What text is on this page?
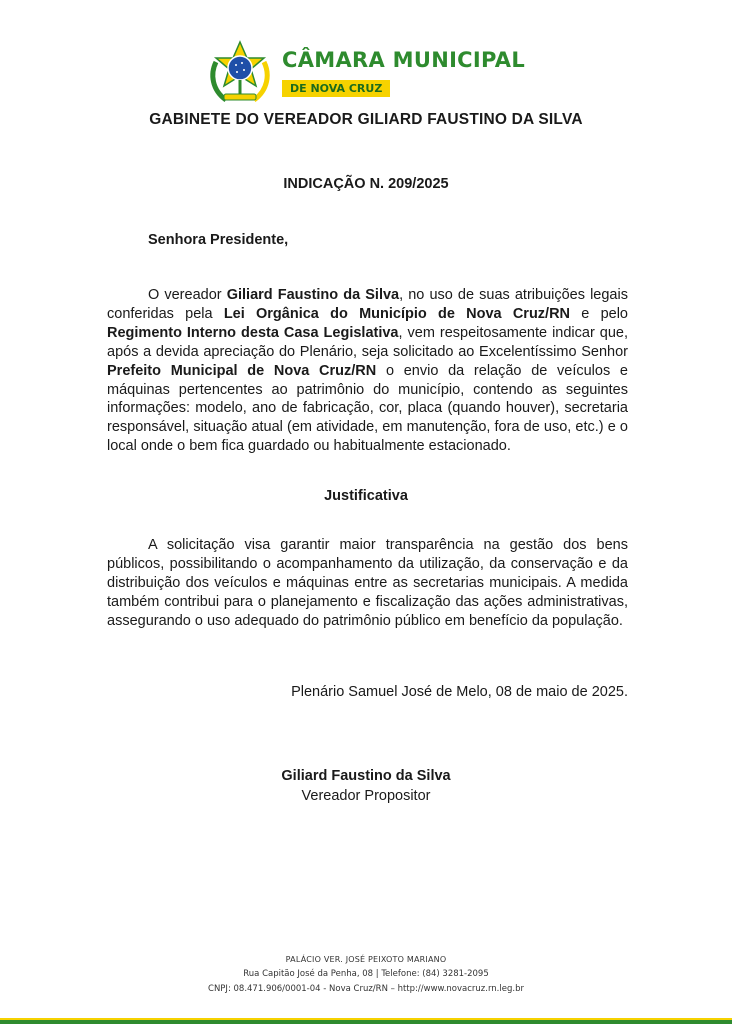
CÂMARA MUNICIPAL
DE NOVA CRUZ
GABINETE DO VEREADOR GILIARD FAUSTINO DA SILVA
INDICAÇÃO N. 209/2025
Senhora Presidente,

O vereador Giliard Faustino da Silva, no uso de suas atribuições legais conferidas pela Lei Orgânica do Município de Nova Cruz/RN e pelo Regimento Interno desta Casa Legislativa, vem respeitosamente indicar que, após a devida apreciação do Plenário, seja solicitado ao Excelentíssimo Senhor Prefeito Municipal de Nova Cruz/RN o envio da relação de veículos e máquinas pertencentes ao patrimônio do município, contendo as seguintes informações: modelo, ano de fabricação, cor, placa (quando houver), secretaria responsável, situação atual (em atividade, em manutenção, fora de uso, etc.) e o local onde o bem fica guardado ou habitualmente estacionado.

Justificativa

A solicitação visa garantir maior transparência na gestão dos bens públicos, possibilitando o acompanhamento da utilização, da conservação e da distribuição dos veículos e máquinas entre as secretarias municipais. A medida também contribui para o planejamento e fiscalização das ações administrativas, assegurando o uso adequado do patrimônio público em benefício da população.

Plenário Samuel José de Melo, 08 de maio de 2025.
Giliard Faustino da Silva
Vereador Propositor
PALÁCIO VER. JOSÉ PEIXOTO MARIANO
Rua Capitão José da Penha, 08 | Telefone: (84) 3281-2095
CNPJ: 08.471.906/0001-04 - Nova Cruz/RN – http://www.novacruz.rn.leg.br
